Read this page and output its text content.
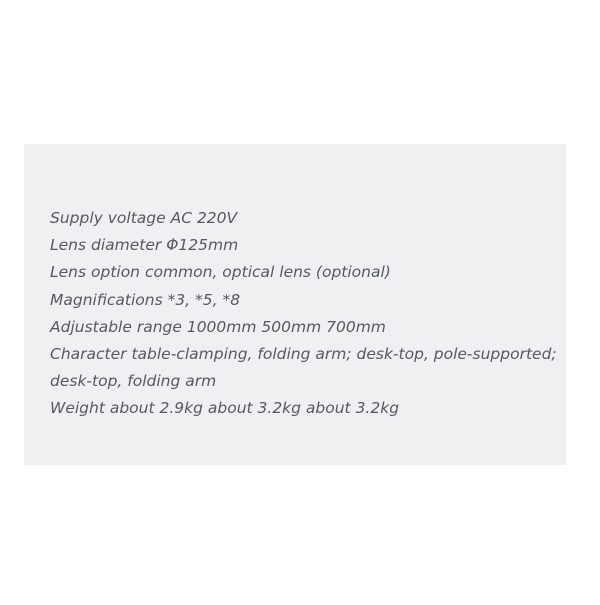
Supply voltage AC 220V
Lens diameter Φ125mm
Lens option common, optical lens (optional)
Magnifications *3, *5, *8
Adjustable range 1000mm 500mm 700mm
Character table-clamping, folding arm; desk-top, pole-supported;
desk-top, folding arm
Weight about 2.9kg about 3.2kg about 3.2kg
